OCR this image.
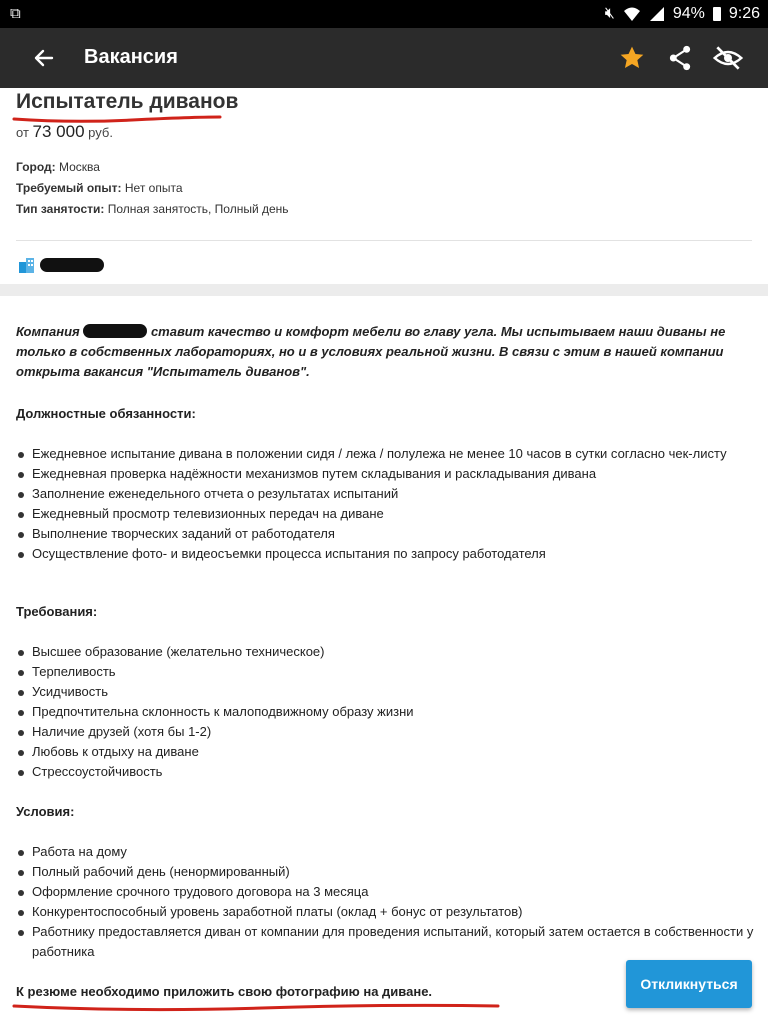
⧉	🔇︎	94% 9:26
Вакансия
Испытатель диванов
от 73 000 руб.
Город: Москва
Требуемый опыт: Нет опыта
Тип занятости: Полная занятость, Полный день
Компания	ставит качество и комфорт мебели во главу угла. Мы испытываем наши диваны не только в собственных лабораториях, но и в условиях реальной жизни. В связи с этим в нашей компании открыта вакансия "Испытатель диванов".
Должностные обязанности:
Ежедневное испытание дивана в положении сидя / лежа / полулежа не менее 10 часов в сутки согласно чек-листу
Ежедневная проверка надёжности механизмов путем складывания и раскладывания дивана
Заполнение еженедельного отчета о результатах испытаний
Ежедневный просмотр телевизионных передач на диване
Выполнение творческих заданий от работодателя
Осуществление фото- и видеосъемки процесса испытания по запросу работодателя
Требования:
Высшее образование (желательно техническое)
Терпеливость
Усидчивость
Предпочтительна склонность к малоподвижному образу жизни
Наличие друзей (хотя бы 1-2)
Любовь к отдыху на диване
Стрессоустойчивость
Условия:
Работа на дому
Полный рабочий день (ненормированный)
Оформление срочного трудового договора на 3 месяца
Конкурентоспособный уровень заработной платы (оклад + бонус от результатов)
Работнику предоставляется диван от компании для проведения испытаний, который затем остается в собственности у работника
К резюме необходимо приложить свою фотографию на диване.	Откликнуться
